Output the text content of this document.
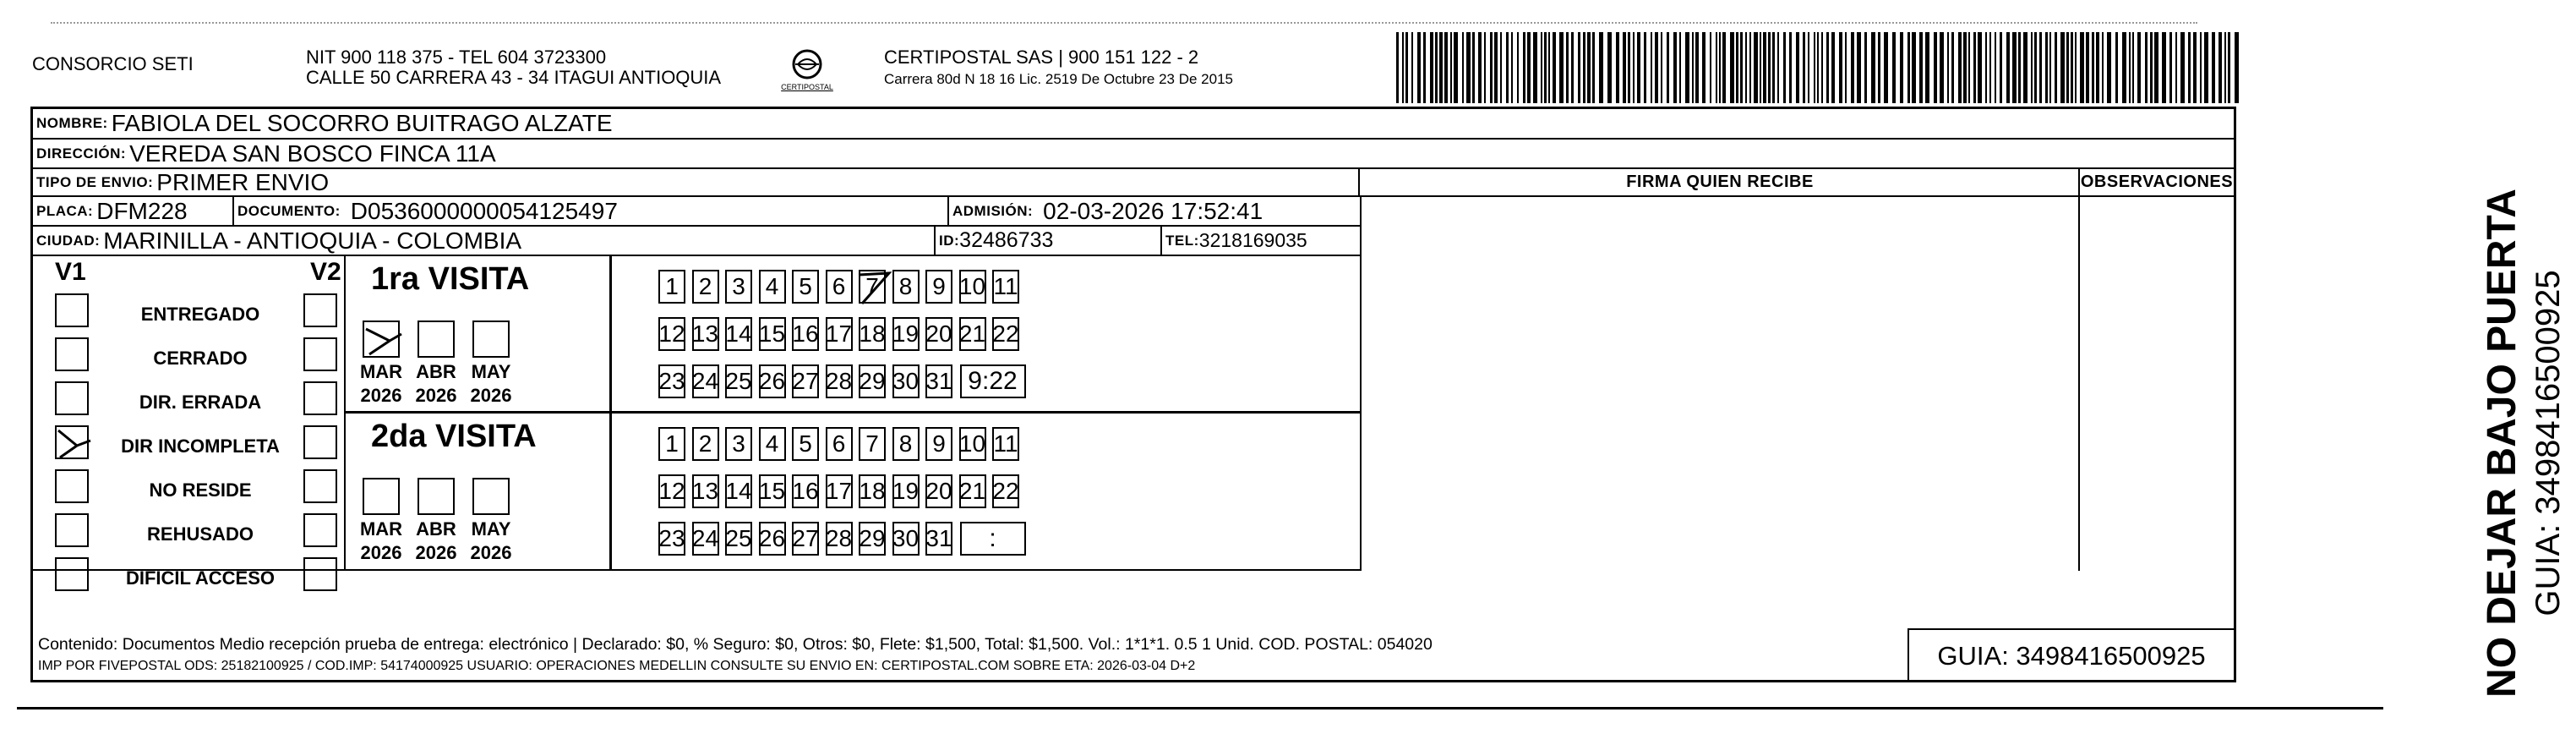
CONSORCIO SETI	NIT 900 118 375 - TEL 604 3723300
CALLE 50 CARRERA 43 - 34 ITAGUI ANTIOQUIA	CERTIPOSTAL
CERTIPOSTAL SAS | 900 151 122 - 2
Carrera 80d N 18 16 Lic. 2519 De Octubre 23 De 2015
NOMBRE: FABIOLA DEL SOCORRO BUITRAGO ALZATE
DIRECCIÓN: VEREDA SAN BOSCO FINCA 11A
TIPO DE ENVIO: PRIMER ENVIO	FIRMA QUIEN RECIBE	OBSERVACIONES
PLACA: DFM228	DOCUMENTO: D0536000000054125497	ADMISIÓN: 02-03-2026 17:52:41
CIUDAD: MARINILLA - ANTIOQUIA - COLOMBIA	ID: 32486733	TEL: 3218169035
V1	V2
ENTREGADO
CERRADO
DIR. ERRADA
DIR INCOMPLETA
NO RESIDE
REHUSADO
DIFICIL ACCESO
1ra VISITA
MAR
2026
ABR
2026
MAY
2026
1 2 3 4 5 6 7 8 9 10 11
12 13 14 15 16 17 18 19 20 21 22
23 24 25 26 27 28 29 30 31 9:22
2da VISITA
MAR
2026
ABR
2026
MAY
2026
1 2 3 4 5 6 7 8 9 10 11
12 13 14 15 16 17 18 19 20 21 22
23 24 25 26 27 28 29 30 31	:
Contenido: Documentos Medio recepción prueba de entrega: electrónico | Declarado: $0, % Seguro: $0, Otros: $0, Flete: $1,500, Total: $1,500. Vol.: 1*1*1. 0.5 1 Unid. COD. POSTAL: 054020
IMP POR FIVEPOSTAL ODS: 25182100925 / COD.IMP: 54174000925 USUARIO: OPERACIONES MEDELLIN CONSULTE SU ENVIO EN: CERTIPOSTAL.COM SOBRE ETA: 2026-03-04 D+2	GUIA: 3498416500925	NO DEJAR BAJO PUERTA GUIA: 3498416500925
